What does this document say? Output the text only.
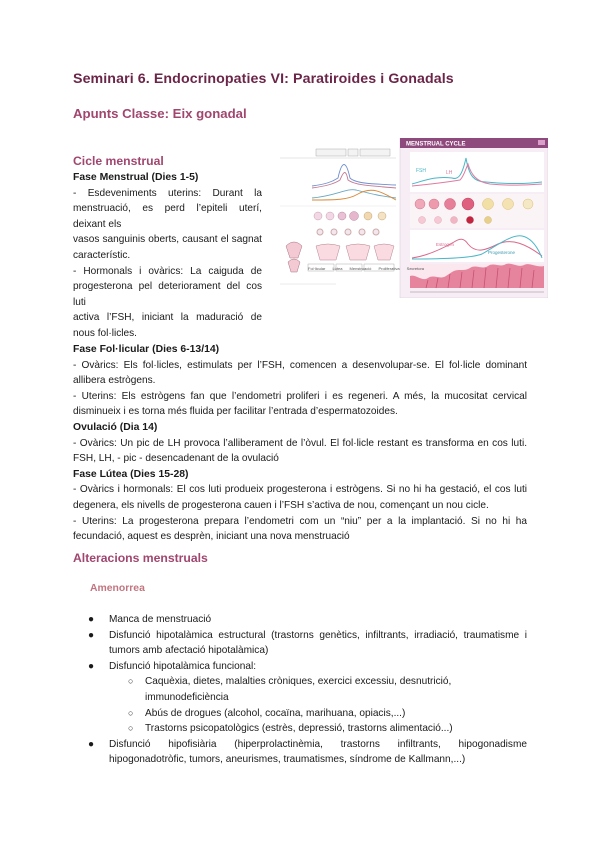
Seminari 6. Endocrinopaties VI: Paratiroides i Gonadals
Apunts Classe: Eix gonadal
Cicle menstrual
MENSTRUAL CYCLE
FSH	LH
Estrogen
Progesterone

Fase Menstrual (Dies 1-5)

- Esdeveniments uterins: Durant la menstruació, es perd l’epiteli uterí, deixant els

vasos sanguinis oberts, causant el sagnat característic.

- Hormonals i ovàrics: La caiguda de progesterona pel deteriorament del cos luti

activa l’FSH, iniciant la maduració de nous fol·licles.

Fase Fol·licular (Dies 6-13/14)

- Ovàrics: Els fol·licles, estimulats per l’FSH, comencen a desenvolupar-se. El fol·licle dominant allibera estrògens.

- Uterins: Els estrògens fan que l’endometri proliferi i es regeneri. A més, la mucositat cervical disminueix i es torna més fluida per facilitar l’entrada d’espermatozoides.

Ovulació (Dia 14)

- Ovàrics: Un pic de LH provoca l’alliberament de l’òvul. El fol·licle restant es transforma en cos luti. FSH, LH, - pic - desencadenant de la ovulació

Fase Lútea (Dies 15-28)

- Ovàrics i hormonals: El cos luti produeix progesterona i estrògens. Si no hi ha gestació, el cos luti degenera, els nivells de progesterona cauen i l’FSH s’activa de nou, començant un nou cicle.

- Uterins: La progesterona prepara l’endometri com un “niu” per a la implantació. Si no hi ha fecundació, aquest es desprèn, iniciant una nova menstruació

Alteracions menstruals
Amenorrea
● Manca de menstruació
● Disfunció hipotalàmica estructural (trastorns genètics, infiltrants, irradiació, traumatisme i tumors amb afectació hipotalàmica)
● Disfunció hipotalàmica funcional:
○ Caquèxia, dietes, malalties cròniques, exercici excessiu, desnutrició, immunodeficiència
○ Abús de drogues (alcohol, cocaïna, marihuana, opiacis,...)
○ Trastorns psicopatològics (estrès, depressió, trastorns alimentació...)
● Disfunció hipofisiària (hiperprolactinèmia, trastorns infiltrants, hipogonadisme hipogonadotròfic, tumors, aneurismes, traumatismes, síndrome de Kallmann,...)
Fol·licular Lútea Menstruació Proliferativa Secretora
